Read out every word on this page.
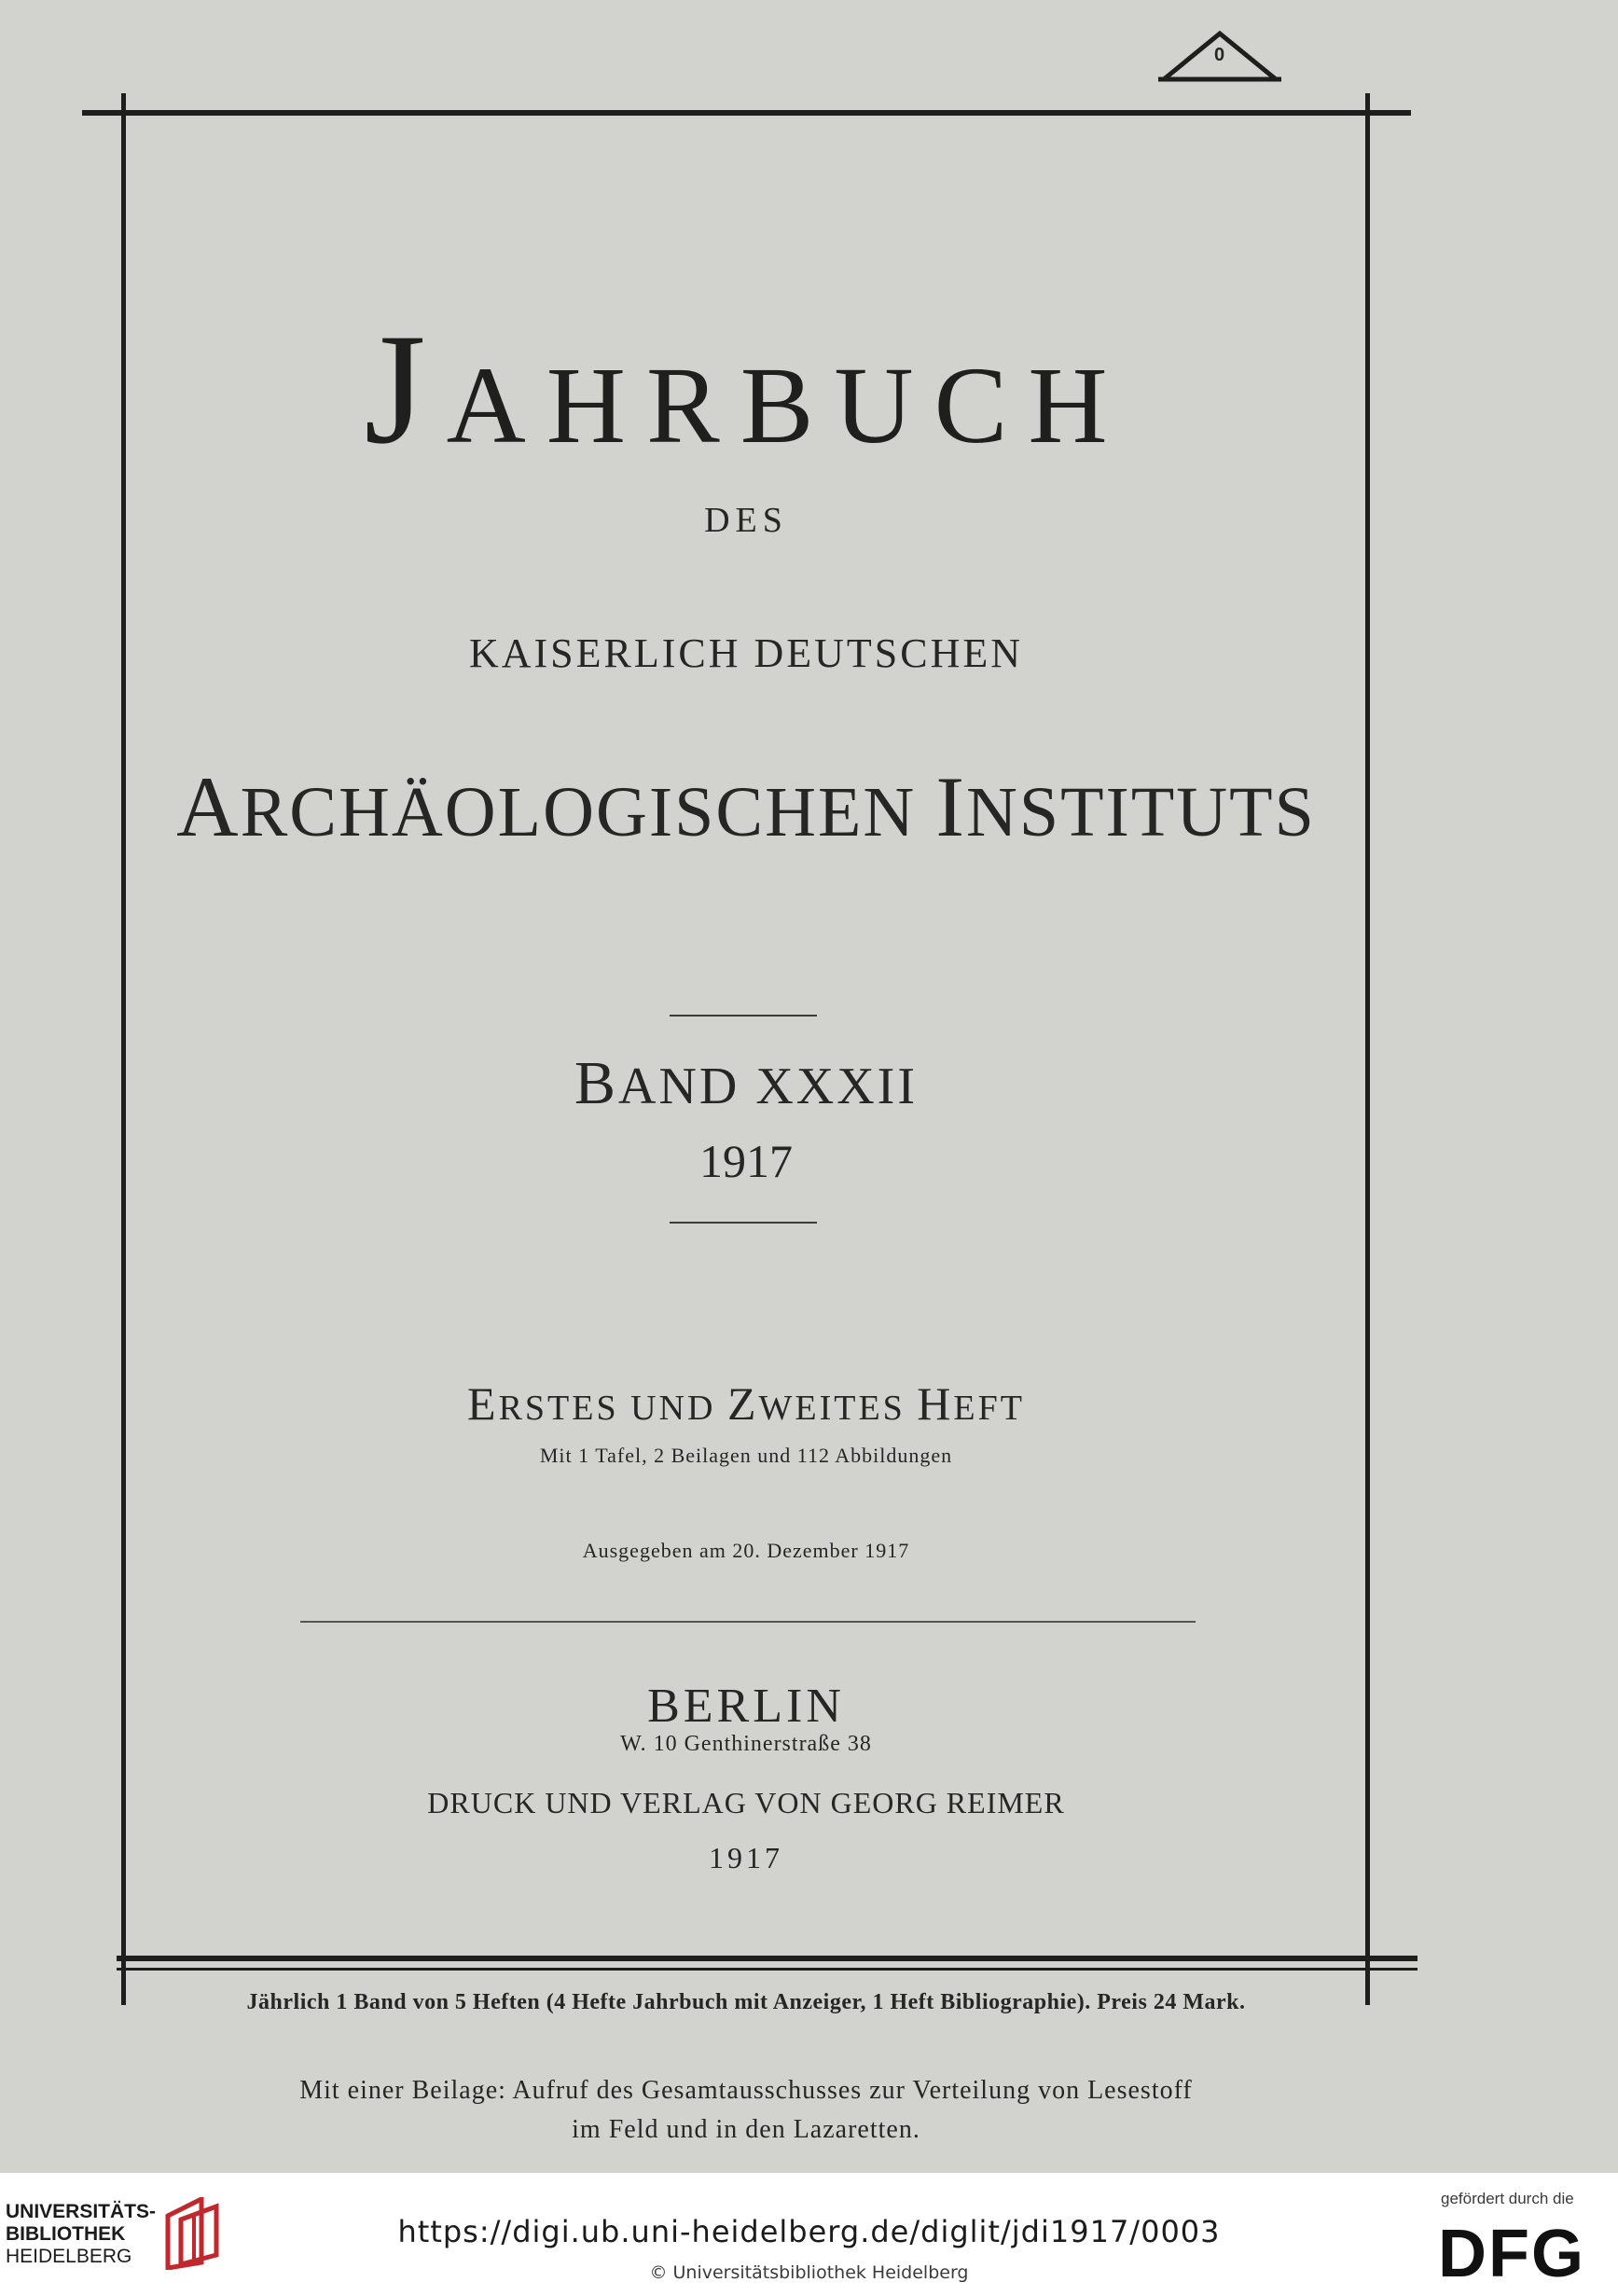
0
JAHRBUCH
DES
KAISERLICH DEUTSCHEN
ARCHÄOLOGISCHEN INSTITUTS
BAND XXXII
1917
ERSTES UND ZWEITES HEFT
Mit 1 Tafel, 2 Beilagen und 112 Abbildungen
Ausgegeben am 20. Dezember 1917
BERLIN
W. 10 Genthinerstraße 38
DRUCK UND VERLAG VON GEORG REIMER
1917
Jährlich 1 Band von 5 Heften (4 Hefte Jahrbuch mit Anzeiger, 1 Heft Bibliographie). Preis 24 Mark.
Mit einer Beilage: Aufruf des Gesamtausschusses zur Verteilung von Lesestoff
im Feld und in den Lazaretten.
UNIVERSITÄTS-
BIBLIOTHEK
HEIDELBERG
https://digi.ub.uni-heidelberg.de/diglit/jdi1917/0003
© Universitätsbibliothek Heidelberg
gefördert durch die
DFG
